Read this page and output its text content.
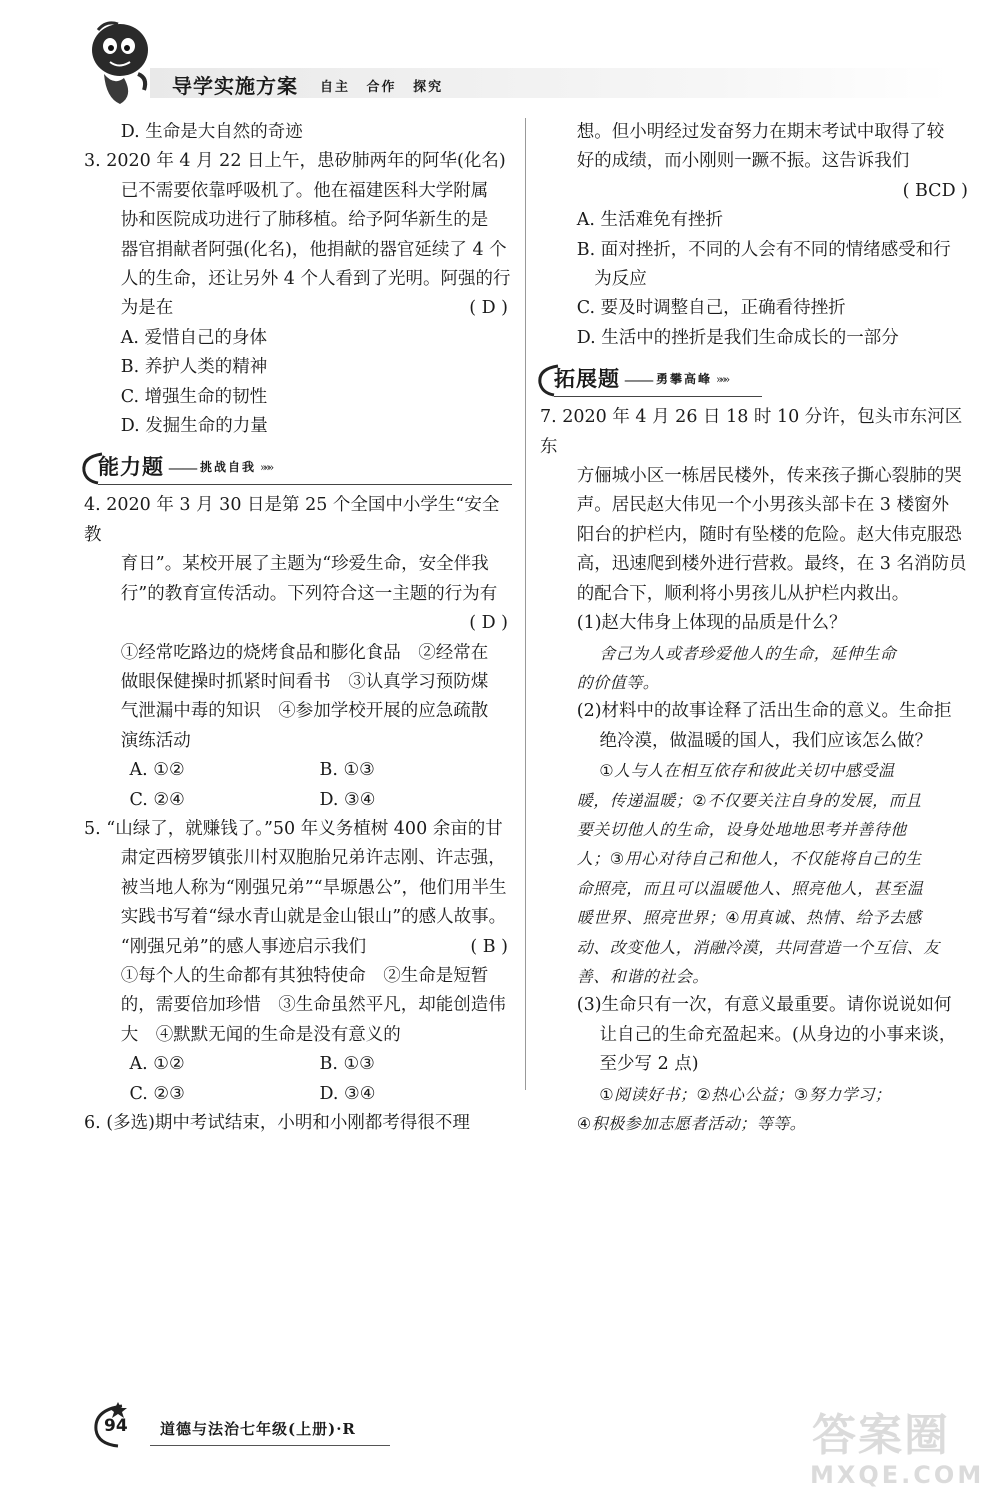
导学实施方案 自主 合作 探究

D. 生命是大自然的奇迹

3. 2020 年 4 月 22 日上午，患矽肺两年的阿华(化名)

已不需要依靠呼吸机了。他在福建医科大学附属

协和医院成功进行了肺移植。给予阿华新生的是

器官捐献者阿强(化名)，他捐献的器官延续了 4 个

人的生命，还让另外 4 个人看到了光明。阿强的行

为是在	( D )

A. 爱惜自己的身体

B. 养护人类的精神

C. 增强生命的韧性

D. 发掘生命的力量

能力题 —— 挑战自我 »»»

4. 2020 年 3 月 30 日是第 25 个全国中小学生“安全教

育日”。某校开展了主题为“珍爱生命，安全伴我

行”的教育宣传活动。下列符合这一主题的行为有

( D )

①经常吃路边的烧烤食品和膨化食品　②经常在

做眼保健操时抓紧时间看书　③认真学习预防煤

气泄漏中毒的知识　④参加学校开展的应急疏散

演练活动

A. ①②	B. ①③

C. ②④	D. ③④

5. “山绿了，就赚钱了。”50 年义务植树 400 余亩的甘

肃定西榜罗镇张川村双胞胎兄弟许志刚、许志强，

被当地人称为“刚强兄弟”“旱塬愚公”，他们用半生

实践书写着“绿水青山就是金山银山”的感人故事。

“刚强兄弟”的感人事迹启示我们	( B )

①每个人的生命都有其独特使命　②生命是短暂

的，需要倍加珍惜　③生命虽然平凡，却能创造伟

大　④默默无闻的生命是没有意义的

A. ①②	B. ①③

C. ②③	D. ③④

6. (多选)期中考试结束，小明和小刚都考得很不理

想。但小明经过发奋努力在期末考试中取得了较

好的成绩，而小刚则一蹶不振。这告诉我们

( BCD )

A. 生活难免有挫折

B. 面对挫折，不同的人会有不同的情绪感受和行

为反应

C. 要及时调整自己，正确看待挫折

D. 生活中的挫折是我们生命成长的一部分

拓展题 —— 勇攀高峰 »»»

7. 2020 年 4 月 26 日 18 时 10 分许，包头市东河区东

方俪城小区一栋居民楼外，传来孩子撕心裂肺的哭

声。居民赵大伟见一个小男孩头部卡在 3 楼窗外

阳台的护栏内，随时有坠楼的危险。赵大伟克服恐

高，迅速爬到楼外进行营救。最终，在 3 名消防员

的配合下，顺利将小男孩儿从护栏内救出。

(1)赵大伟身上体现的品质是什么？

舍己为人或者珍爱他人的生命，延伸生命

的价值等。

(2)材料中的故事诠释了活出生命的意义。生命拒

绝冷漠，做温暖的国人，我们应该怎么做？

①人与人在相互依存和彼此关切中感受温

暖，传递温暖；②不仅要关注自身的发展，而且

要关切他人的生命，设身处地地思考并善待他

人；③用心对待自己和他人，不仅能将自己的生

命照亮，而且可以温暖他人、照亮他人，甚至温

暖世界、照亮世界；④用真诚、热情、给予去感

动、改变他人，消融冷漠，共同营造一个互信、友

善、和谐的社会。

(3)生命只有一次，有意义最重要。请你说说如何

让自己的生命充盈起来。(从身边的小事来谈，

至少写 2 点)

①阅读好书；②热心公益；③努力学习；

④积极参加志愿者活动；等等。

94 道德与法治七年级(上册)·R	答案圈
MXQE.COM
